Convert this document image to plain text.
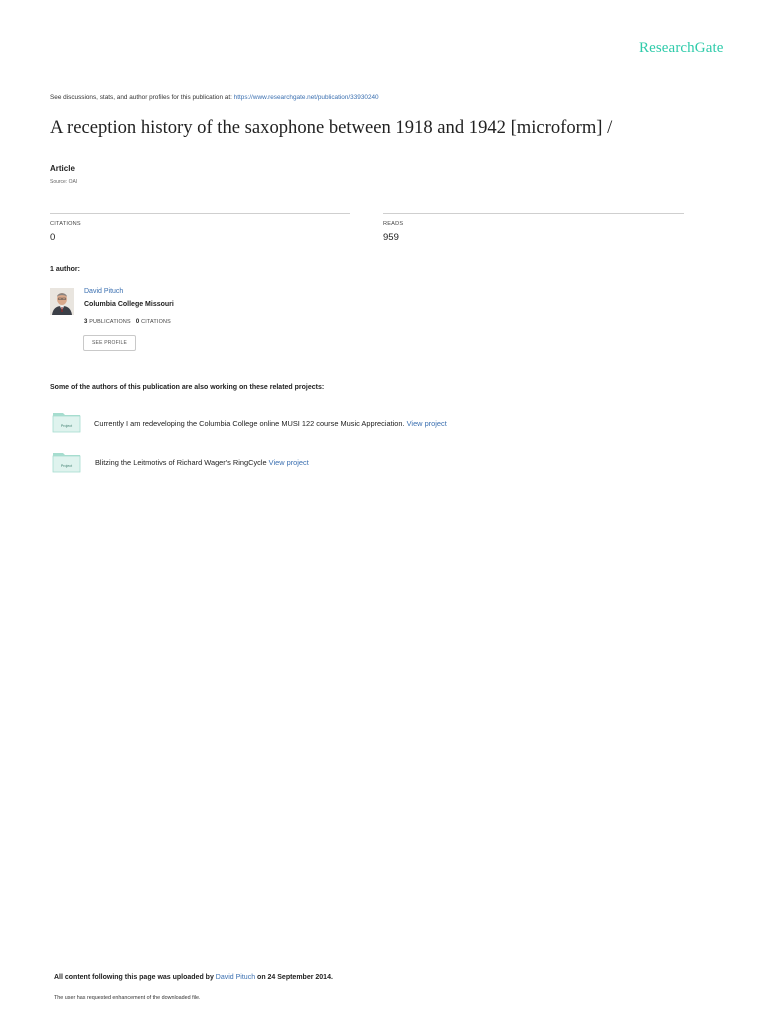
ResearchGate
See discussions, stats, and author profiles for this publication at: https://www.researchgate.net/publication/33930240
A reception history of the saxophone between 1918 and 1942 [microform] /
Article
Source: OAI
CITATIONS
0
READS
959
1 author:
David Pituch
Columbia College Missouri
3 PUBLICATIONS 0 CITATIONS
SEE PROFILE
Some of the authors of this publication are also working on these related projects:
Project	Currently I am redeveloping the Columbia College online MUSI 122 course Music Appreciation. View project
Project	Blitzing the Leitmotivs of Richard Wager's RingCycle View project
All content following this page was uploaded by David Pituch on 24 September 2014.
The user has requested enhancement of the downloaded file.
